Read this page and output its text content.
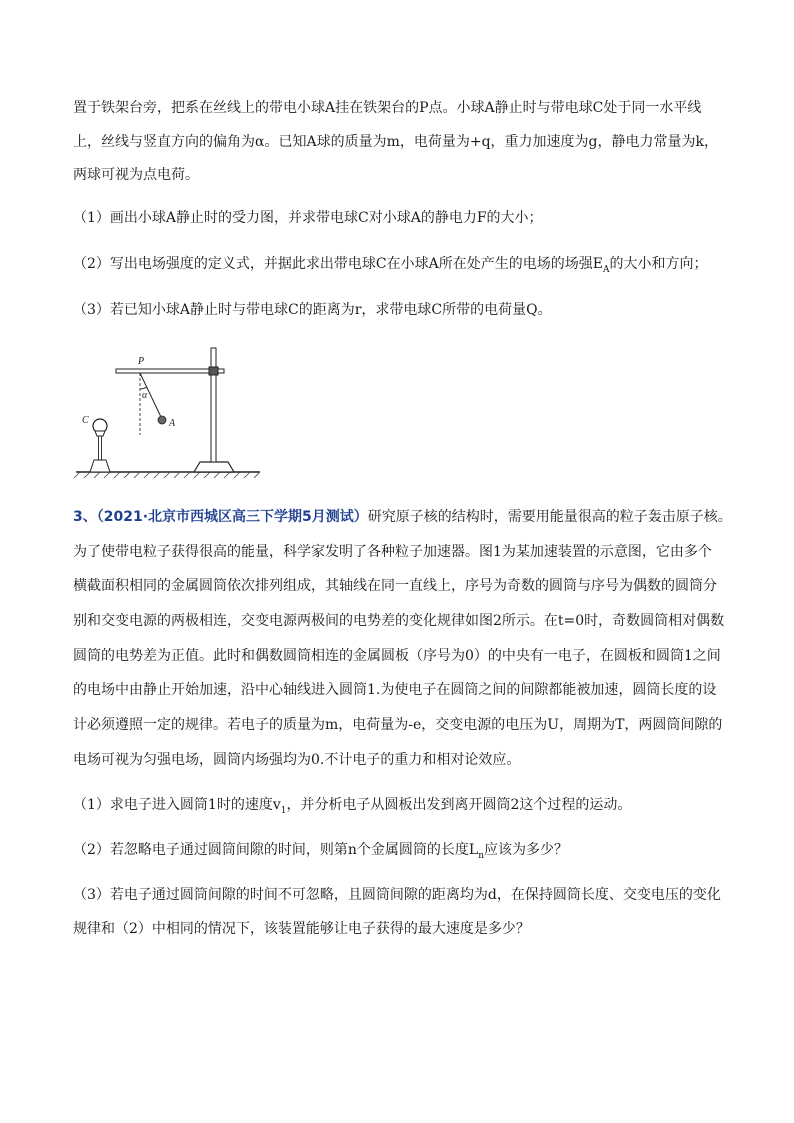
置于铁架台旁，把系在丝线上的带电小球A挂在铁架台的P点。小球A静止时与带电球C处于同一水平线
上，丝线与竖直方向的偏角为α。已知A球的质量为m，电荷量为+q，重力加速度为g，静电力常量为k，
两球可视为点电荷。
（1）画出小球A静止时的受力图，并求带电球C对小球A的静电力F的大小；
（2）写出电场强度的定义式，并据此求出带电球C在小球A所在处产生的电场的场强$E_A$的大小和方向；
（3）若已知小球A静止时与带电球C的距离为r，求带电球C所带的电荷量Q。
P
α
A
C
3、（2021·北京市西城区高三下学期5月测试）研究原子核的结构时，需要用能量很高的粒子轰击原子核。
为了使带电粒子获得很高的能量，科学家发明了各种粒子加速器。图1为某加速装置的示意图，它由多个
横截面积相同的金属圆筒依次排列组成，其轴线在同一直线上，序号为奇数的圆筒与序号为偶数的圆筒分
别和交变电源的两极相连，交变电源两极间的电势差的变化规律如图2所示。在t=0时，奇数圆筒相对偶数
圆筒的电势差为正值。此时和偶数圆筒相连的金属圆板（序号为0）的中央有一电子，在圆板和圆筒1之间
的电场中由静止开始加速，沿中心轴线进入圆筒1.为使电子在圆筒之间的间隙都能被加速，圆筒长度的设
计必须遵照一定的规律。若电子的质量为m，电荷量为-e，交变电源的电压为U，周期为T，两圆筒间隙的
电场可视为匀强电场，圆筒内场强均为0.不计电子的重力和相对论效应。
（1）求电子进入圆筒1时的速度$v_1$，并分析电子从圆板出发到离开圆筒2这个过程的运动。
（2）若忽略电子通过圆筒间隙的时间，则第n个金属圆筒的长度$L_n$应该为多少？
（3）若电子通过圆筒间隙的时间不可忽略，且圆筒间隙的距离均为d，在保持圆筒长度、交变电压的变化
规律和（2）中相同的情况下，该装置能够让电子获得的最大速度是多少？
